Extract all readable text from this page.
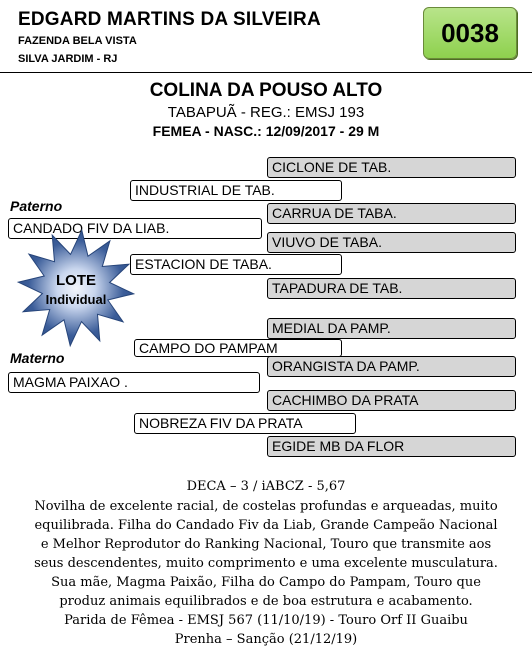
EDGARD MARTINS DA SILVEIRA
FAZENDA BELA VISTA
SILVA JARDIM - RJ
0038
COLINA DA POUSO ALTO
TABAPUÃ - REG.: EMSJ 193
FEMEA - NASC.: 12/09/2017 - 29 M
CICLONE DE TAB.
INDUSTRIAL DE TAB.
CARRUA DE TABA.
Paterno
CANDADO FIV DA LIAB.
VIUVO DE TABA.
ESTACION DE TABA.
TAPADURA DE TAB.
MEDIAL DA PAMP.
CAMPO DO PAMPAM
Materno	ORANGISTA DA PAMP.
MAGMA PAIXAO .
CACHIMBO DA PRATA
NOBREZA FIV DA PRATA
EGIDE MB DA FLOR
LOTE
Individual
DECA – 3 / iABCZ - 5,67
Novilha de excelente racial, de costelas profundas e arqueadas, muito
equilibrada. Filha do Candado Fiv da Liab, Grande Campeão Nacional
e Melhor Reprodutor do Ranking Nacional, Touro que transmite aos
seus descendentes, muito comprimento e uma excelente musculatura.
Sua mãe, Magma Paixão, Filha do Campo do Pampam, Touro que
produz animais equilibrados e de boa estrutura e acabamento.
Parida de Fêmea - EMSJ 567 (11/10/19) - Touro Orf II Guaibu
Prenha – Sanção (21/12/19)
